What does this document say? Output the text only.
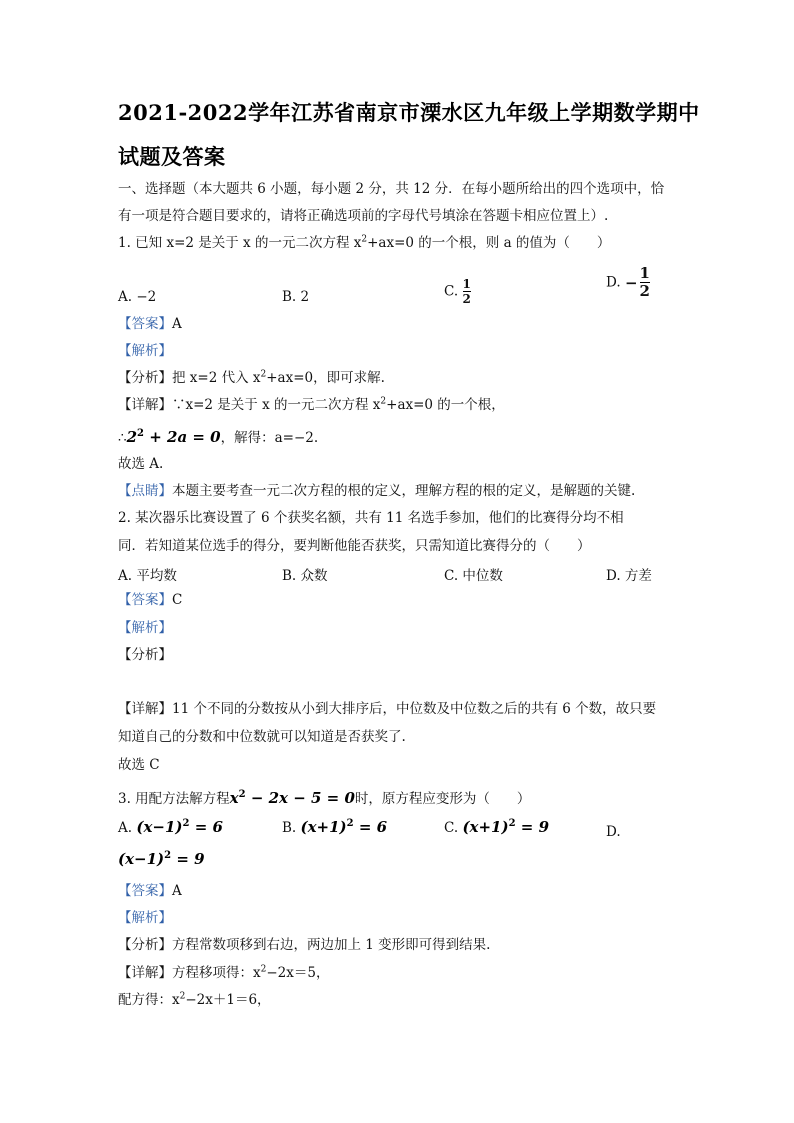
2021-2022学年江苏省南京市溧水区九年级上学期数学期中
试题及答案
一、选择题（本大题共 6 小题，每小题 2 分，共 12 分．在每小题所给出的四个选项中，恰
有一项是符合题目要求的，请将正确选项前的字母代号填涂在答题卡相应位置上）.
1. 已知 x=2 是关于 x 的一元二次方程 $x^2+ax=0$ 的一个根，则 a 的值为（　　）
A. −2	B. 2	C. $\frac{1}{2}$	D. − $\frac{1}{2}$
【答案】A
【解析】
【分析】把 x=2 代入 $x^2+ax=0$，即可求解.
【详解】∵x=2 是关于 x 的一元二次方程 $x^2+ax=0$ 的一个根，
$\therefore 2^2 + 2a = 0$，解得：a=−2.
故选 A.
【点睛】本题主要考查一元二次方程的根的定义，理解方程的根的定义，是解题的关键.
2. 某次器乐比赛设置了 6 个获奖名额，共有 11 名选手参加，他们的比赛得分均不相
同．若知道某位选手的得分，要判断他能否获奖，只需知道比赛得分的（　　）
A. 平均数	B. 众数	C. 中位数	D. 方差
【答案】C
【解析】
【分析】
【详解】11 个不同的分数按从小到大排序后，中位数及中位数之后的共有 6 个数，故只要
知道自己的分数和中位数就可以知道是否获奖了.
故选 C
3. 用配方法解方程$x^2 - 2x - 5 = 0$时，原方程应变形为（　　）
A. $(x-1)^2 = 6$	B. $(x+1)^2 = 6$	C. $(x+1)^2 = 9$	D.
$(x-1)^2 = 9$
【答案】A
【解析】
【分析】方程常数项移到右边，两边加上 1 变形即可得到结果.
【详解】方程移项得：$x^2-2x=5$，
配方得：$x^2-2x+1=6$，
